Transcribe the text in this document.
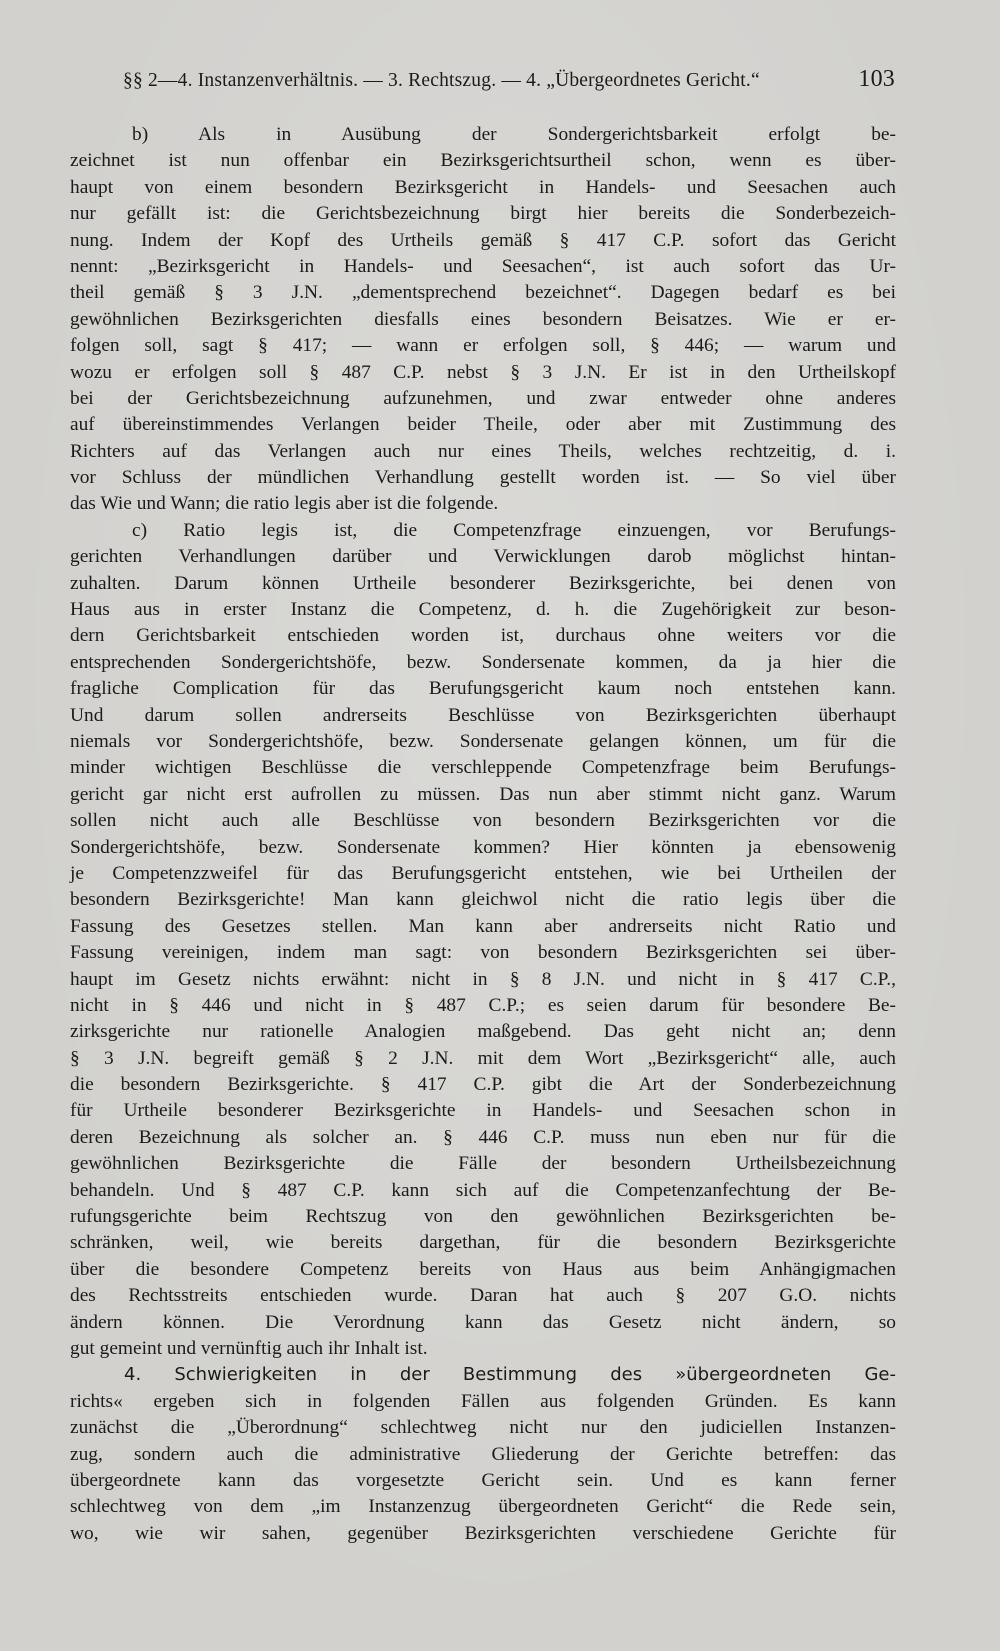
§§ 2—4. Instanzenverhältnis. — 3. Rechtszug. — 4. „Übergeordnetes Gericht.“	103
b) Als in Ausübung der Sondergerichtsbarkeit erfolgt be-
zeichnet ist nun offenbar ein Bezirksgerichtsurtheil schon, wenn es über-
haupt von einem besondern Bezirksgericht in Handels- und Seesachen auch
nur gefällt ist: die Gerichtsbezeichnung birgt hier bereits die Sonderbezeich-
nung. Indem der Kopf des Urtheils gemäß § 417 C.P. sofort das Gericht
nennt: „Bezirksgericht in Handels- und Seesachen“, ist auch sofort das Ur-
theil gemäß § 3 J.N. „dementsprechend bezeichnet“. Dagegen bedarf es bei
gewöhnlichen Bezirksgerichten diesfalls eines besondern Beisatzes. Wie er er-
folgen soll, sagt § 417; — wann er erfolgen soll, § 446; — warum und
wozu er erfolgen soll § 487 C.P. nebst § 3 J.N. Er ist in den Urtheilskopf
bei der Gerichtsbezeichnung aufzunehmen, und zwar entweder ohne anderes
auf übereinstimmendes Verlangen beider Theile, oder aber mit Zustimmung des
Richters auf das Verlangen auch nur eines Theils, welches rechtzeitig, d. i.
vor Schluss der mündlichen Verhandlung gestellt worden ist. — So viel über
das Wie und Wann; die ratio legis aber ist die folgende.
c) Ratio legis ist, die Competenzfrage einzuengen, vor Berufungs-
gerichten Verhandlungen darüber und Verwicklungen darob möglichst hintan-
zuhalten. Darum können Urtheile besonderer Bezirksgerichte, bei denen von
Haus aus in erster Instanz die Competenz, d. h. die Zugehörigkeit zur beson-
dern Gerichtsbarkeit entschieden worden ist, durchaus ohne weiters vor die
entsprechenden Sondergerichtshöfe, bezw. Sondersenate kommen, da ja hier die
fragliche Complication für das Berufungsgericht kaum noch entstehen kann.
Und darum sollen andrerseits Beschlüsse von Bezirksgerichten überhaupt
niemals vor Sondergerichtshöfe, bezw. Sondersenate gelangen können, um für die
minder wichtigen Beschlüsse die verschleppende Competenzfrage beim Berufungs-
gericht gar nicht erst aufrollen zu müssen. Das nun aber stimmt nicht ganz. Warum
sollen nicht auch alle Beschlüsse von besondern Bezirksgerichten vor die
Sondergerichtshöfe, bezw. Sondersenate kommen? Hier könnten ja ebensowenig
je Competenzzweifel für das Berufungsgericht entstehen, wie bei Urtheilen der
besondern Bezirksgerichte! Man kann gleichwol nicht die ratio legis über die
Fassung des Gesetzes stellen. Man kann aber andrerseits nicht Ratio und
Fassung vereinigen, indem man sagt: von besondern Bezirksgerichten sei über-
haupt im Gesetz nichts erwähnt: nicht in § 8 J.N. und nicht in § 417 C.P.,
nicht in § 446 und nicht in § 487 C.P.; es seien darum für besondere Be-
zirksgerichte nur rationelle Analogien maßgebend. Das geht nicht an; denn
§ 3 J.N. begreift gemäß § 2 J.N. mit dem Wort „Bezirksgericht“ alle, auch
die besondern Bezirksgerichte. § 417 C.P. gibt die Art der Sonderbezeichnung
für Urtheile besonderer Bezirksgerichte in Handels- und Seesachen schon in
deren Bezeichnung als solcher an. § 446 C.P. muss nun eben nur für die
gewöhnlichen Bezirksgerichte die Fälle der besondern Urtheilsbezeichnung
behandeln. Und § 487 C.P. kann sich auf die Competenzanfechtung der Be-
rufungsgerichte beim Rechtszug von den gewöhnlichen Bezirksgerichten be-
schränken, weil, wie bereits dargethan, für die besondern Bezirksgerichte
über die besondere Competenz bereits von Haus aus beim Anhängigmachen
des Rechtsstreits entschieden wurde. Daran hat auch § 207 G.O. nichts
ändern können. Die Verordnung kann das Gesetz nicht ändern, so
gut gemeint und vernünftig auch ihr Inhalt ist.
4. Schwierigkeiten in der Bestimmung des »übergeordneten Ge-
richts« ergeben sich in folgenden Fällen aus folgenden Gründen. Es kann
zunächst die „Überordnung“ schlechtweg nicht nur den judiciellen Instanzen-
zug, sondern auch die administrative Gliederung der Gerichte betreffen: das
übergeordnete kann das vorgesetzte Gericht sein. Und es kann ferner
schlechtweg von dem „im Instanzenzug übergeordneten Gericht“ die Rede sein,
wo, wie wir sahen, gegenüber Bezirksgerichten verschiedene Gerichte für
